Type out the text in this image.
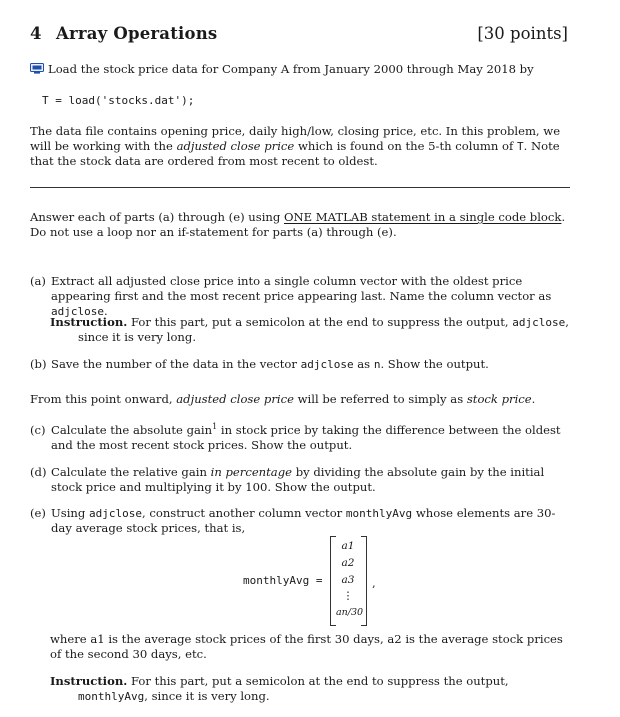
4 Array Operations	[30 points]
Load the stock price data for Company A from January 2000 through May 2018 by
T = load('stocks.dat');
The data file contains opening price, daily high/low, closing price, etc. In this problem, we will be working with the adjusted close price which is found on the 5-th column of T. Note that the stock data are ordered from most recent to oldest.
Answer each of parts (a) through (e) using ONE MATLAB statement in a single code block. Do not use a loop nor an if-statement for parts (a) through (e).
(a) Extract all adjusted close price into a single column vector with the oldest price appearing first and the most recent price appearing last. Name the column vector as adjclose.
Instruction. For this part, put a semicolon at the end to suppress the output, adjclose, since it is very long.
(b) Save the number of the data in the vector adjclose as n. Show the output.
From this point onward, adjusted close price will be referred to simply as stock price.
(c) Calculate the absolute gain$^1$ in stock price by taking the difference between the oldest and the most recent stock prices. Show the output.
(d) Calculate the relative gain in percentage by dividing the absolute gain by the initial stock price and multiplying it by 100. Show the output.
(e) Using adjclose, construct another column vector monthlyAvg whose elements are 30-day average stock prices, that is,
monthlyAvg =
a1
a2
a3
⋮
an/30
,
where a1 is the average stock prices of the first 30 days, a2 is the average stock prices of the second 30 days, etc.
Instruction. For this part, put a semicolon at the end to suppress the output, monthlyAvg, since it is very long.
